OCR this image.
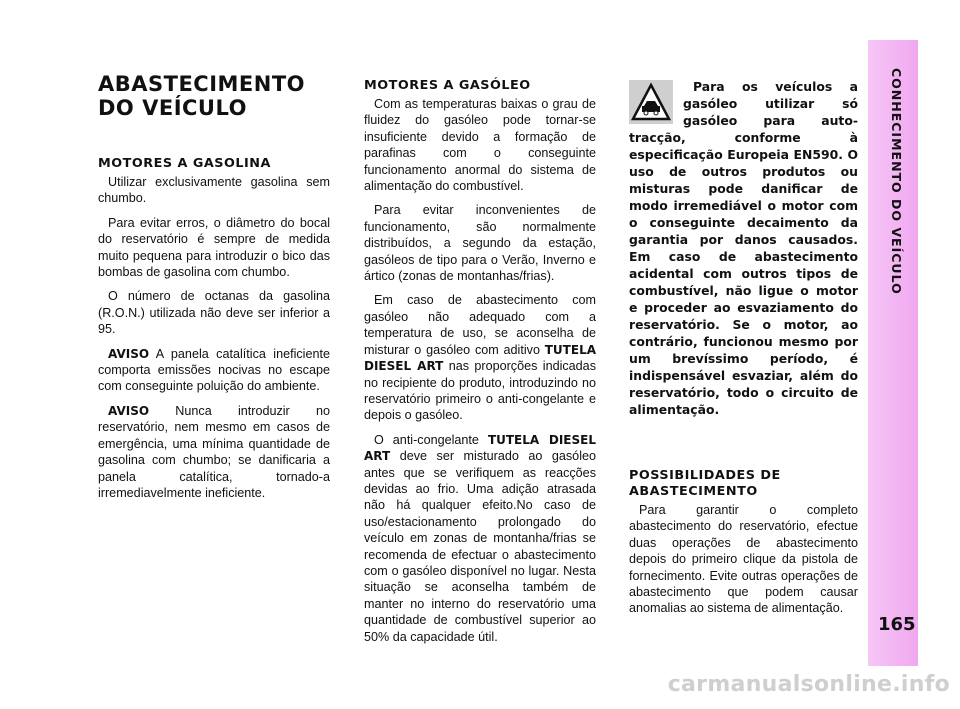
CONHECIMENTO DO VEÍCULO
165
ABASTECIMENTO DO VEÍCULO
MOTORES A GASOLINA

Utilizar exclusivamente gasolina sem chumbo.

Para evitar erros, o diâmetro do bocal do reservatório é sempre de medida muito pequena para introduzir o bico das bombas de gasolina com chumbo.

O número de octanas da gasolina (R.O.N.) utilizada não deve ser inferior a 95.

AVISO A panela catalítica ineficiente comporta emissões nocivas no escape com conseguinte poluição do ambiente.

AVISO Nunca introduzir no reservatório, nem mesmo em casos de emergência, uma mínima quantidade de gasolina com chumbo; se danificaria a panela catalítica, tornado-a irremediavelmente ineficiente.

MOTORES A GASÓLEO

Com as temperaturas baixas o grau de fluidez do gasóleo pode tornar-se insuficiente devido a formação de parafinas com o conseguinte funcionamento anormal do sistema de alimentação do combustível.

Para evitar inconvenientes de funcionamento, são normalmente distribuídos, a segundo da estação, gasóleos de tipo para o Verão, Inverno e ártico (zonas de montanhas/frias).

Em caso de abastecimento com gasóleo não adequado com a temperatura de uso, se aconselha de misturar o gasóleo com aditivo TUTELA DIESEL ART nas proporções indicadas no recipiente do produto, introduzindo no reservatório primeiro o anti-congelante e depois o gasóleo.

O anti-congelante TUTELA DIESEL ART deve ser misturado ao gasóleo antes que se verifiquem as reacções devidas ao frio. Uma adição atrasada não há qualquer efeito.No caso de uso/estacionamento prolongado do veículo em zonas de montanha/frias se recomenda de efectuar o abastecimento com o gasóleo disponível no lugar. Nesta situação se aconselha também de manter no interno do reservatório uma quantidade de combustível superior ao 50% da capacidade útil.

Para os veículos a gasóleo utilizar só gasóleo para auto-tracção, conforme à especificação Europeia EN590. O uso de outros produtos ou misturas pode danificar de modo irremediável o motor com o conseguinte decaimento da garantia por danos causados. Em caso de abastecimento acidental com outros tipos de combustível, não ligue o motor e proceder ao esvaziamento do reservatório. Se o motor, ao contrário, funcionou mesmo por um brevíssimo período, é indispensável esvaziar, além do reservatório, todo o circuito de alimentação.

POSSIBILIDADES DE ABASTECIMENTO

Para garantir o completo abastecimento do reservatório, efectue duas operações de abastecimento depois do primeiro clique da pistola de fornecimento. Evite outras operações de abastecimento que podem causar anomalias ao sistema de alimentação.

carmanualsonline.info
